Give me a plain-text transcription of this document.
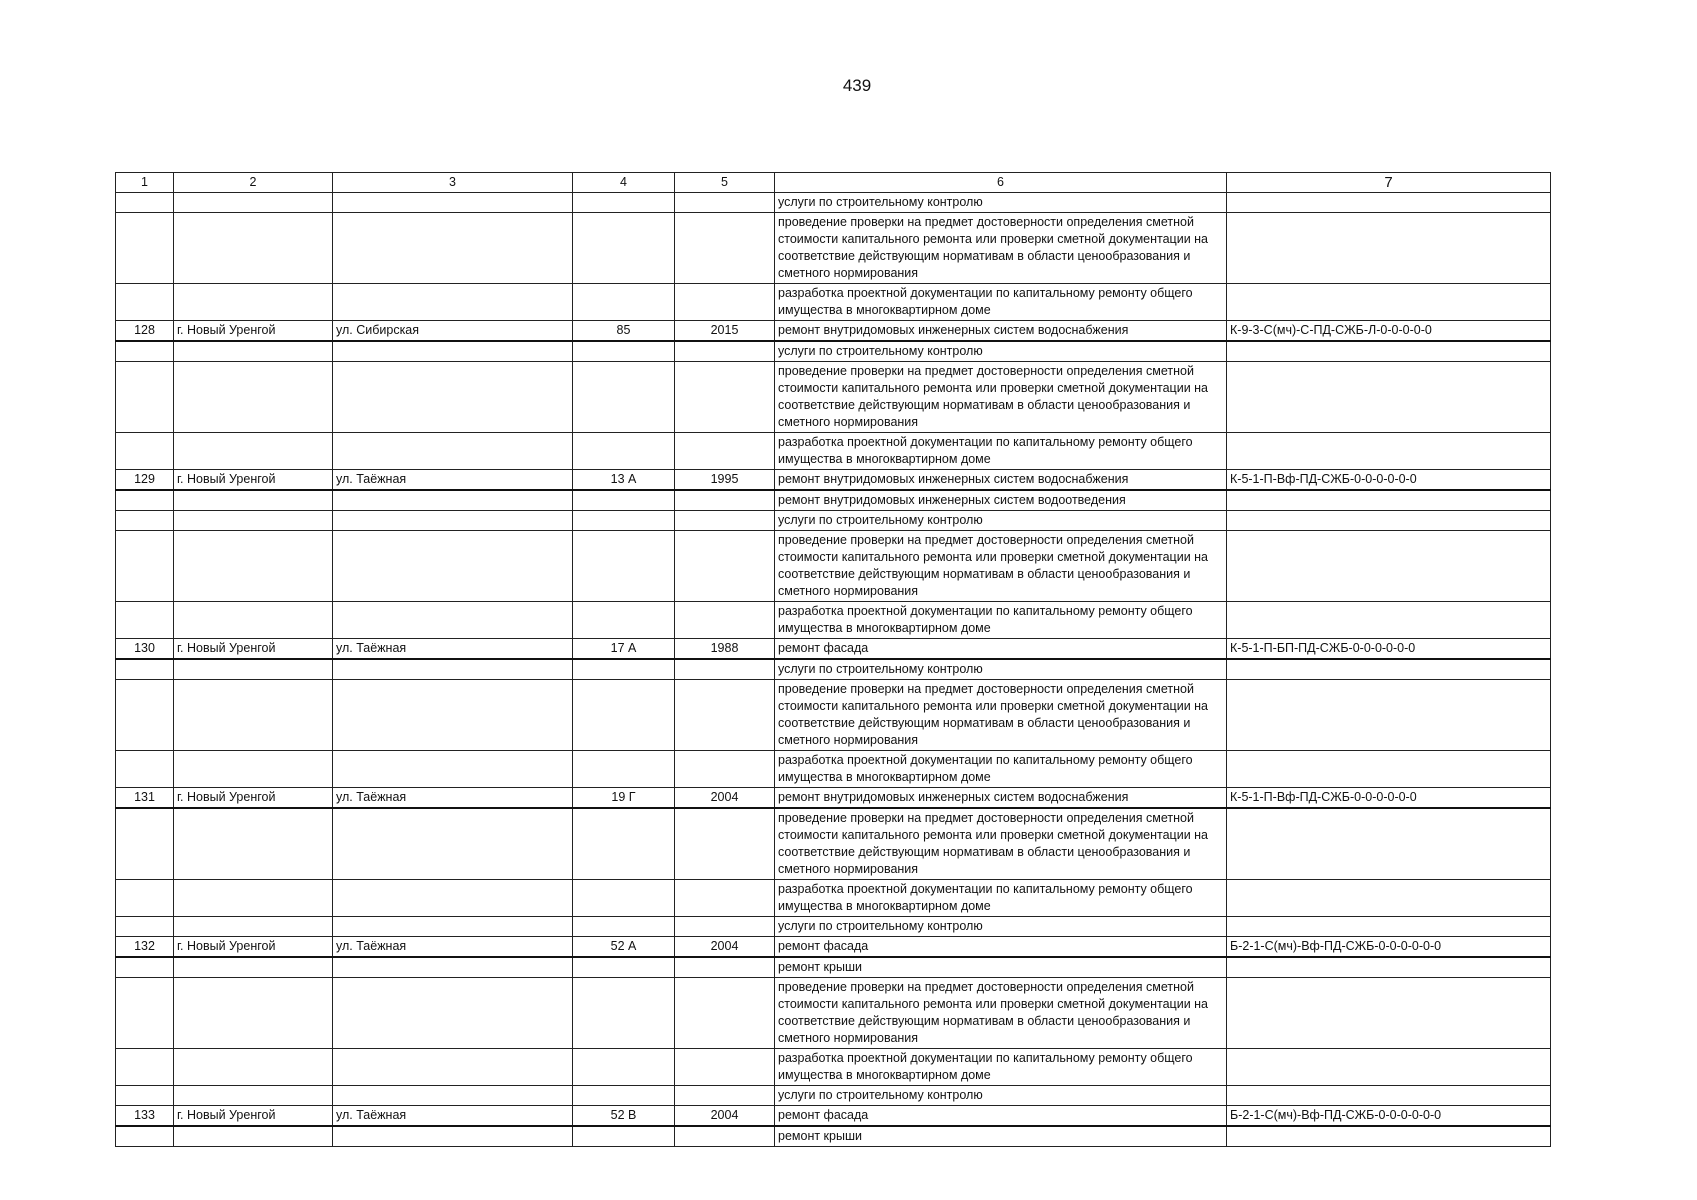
439
1	2	3	4	5	6	7
					услуги по строительному контролю	
					проведение проверки на предмет достоверности определения сметной стоимости капитального ремонта или проверки сметной документации на соответствие действующим нормативам в области ценообразования и сметного нормирования	
					разработка проектной документации по капитальному ремонту общего имущества в многоквартирном доме	
128	г. Новый Уренгой	ул. Сибирская	85	2015	ремонт внутридомовых инженерных систем водоснабжения	К-9-3-С(мч)-С-ПД-СЖБ-Л-0-0-0-0-0
					услуги по строительному контролю	
					проведение проверки на предмет достоверности определения сметной стоимости капитального ремонта или проверки сметной документации на соответствие действующим нормативам в области ценообразования и сметного нормирования	
					разработка проектной документации по капитальному ремонту общего имущества в многоквартирном доме	
129	г. Новый Уренгой	ул. Таёжная	13 А	1995	ремонт внутридомовых инженерных систем водоснабжения	К-5-1-П-Вф-ПД-СЖБ-0-0-0-0-0-0
					ремонт внутридомовых инженерных систем водоотведения	
					услуги по строительному контролю	
					проведение проверки на предмет достоверности определения сметной стоимости капитального ремонта или проверки сметной документации на соответствие действующим нормативам в области ценообразования и сметного нормирования	
					разработка проектной документации по капитальному ремонту общего имущества в многоквартирном доме	
130	г. Новый Уренгой	ул. Таёжная	17 А	1988	ремонт фасада	К-5-1-П-БП-ПД-СЖБ-0-0-0-0-0-0
					услуги по строительному контролю	
					проведение проверки на предмет достоверности определения сметной стоимости капитального ремонта или проверки сметной документации на соответствие действующим нормативам в области ценообразования и сметного нормирования	
					разработка проектной документации по капитальному ремонту общего имущества в многоквартирном доме	
131	г. Новый Уренгой	ул. Таёжная	19 Г	2004	ремонт внутридомовых инженерных систем водоснабжения	К-5-1-П-Вф-ПД-СЖБ-0-0-0-0-0-0
					проведение проверки на предмет достоверности определения сметной стоимости капитального ремонта или проверки сметной документации на соответствие действующим нормативам в области ценообразования и сметного нормирования	
					разработка проектной документации по капитальному ремонту общего имущества в многоквартирном доме	
					услуги по строительному контролю	
132	г. Новый Уренгой	ул. Таёжная	52 А	2004	ремонт фасада	Б-2-1-С(мч)-Вф-ПД-СЖБ-0-0-0-0-0-0
					ремонт крыши	
					проведение проверки на предмет достоверности определения сметной стоимости капитального ремонта или проверки сметной документации на соответствие действующим нормативам в области ценообразования и сметного нормирования	
					разработка проектной документации по капитальному ремонту общего имущества в многоквартирном доме	
					услуги по строительному контролю	
133	г. Новый Уренгой	ул. Таёжная	52 В	2004	ремонт фасада	Б-2-1-С(мч)-Вф-ПД-СЖБ-0-0-0-0-0-0
					ремонт крыши	
